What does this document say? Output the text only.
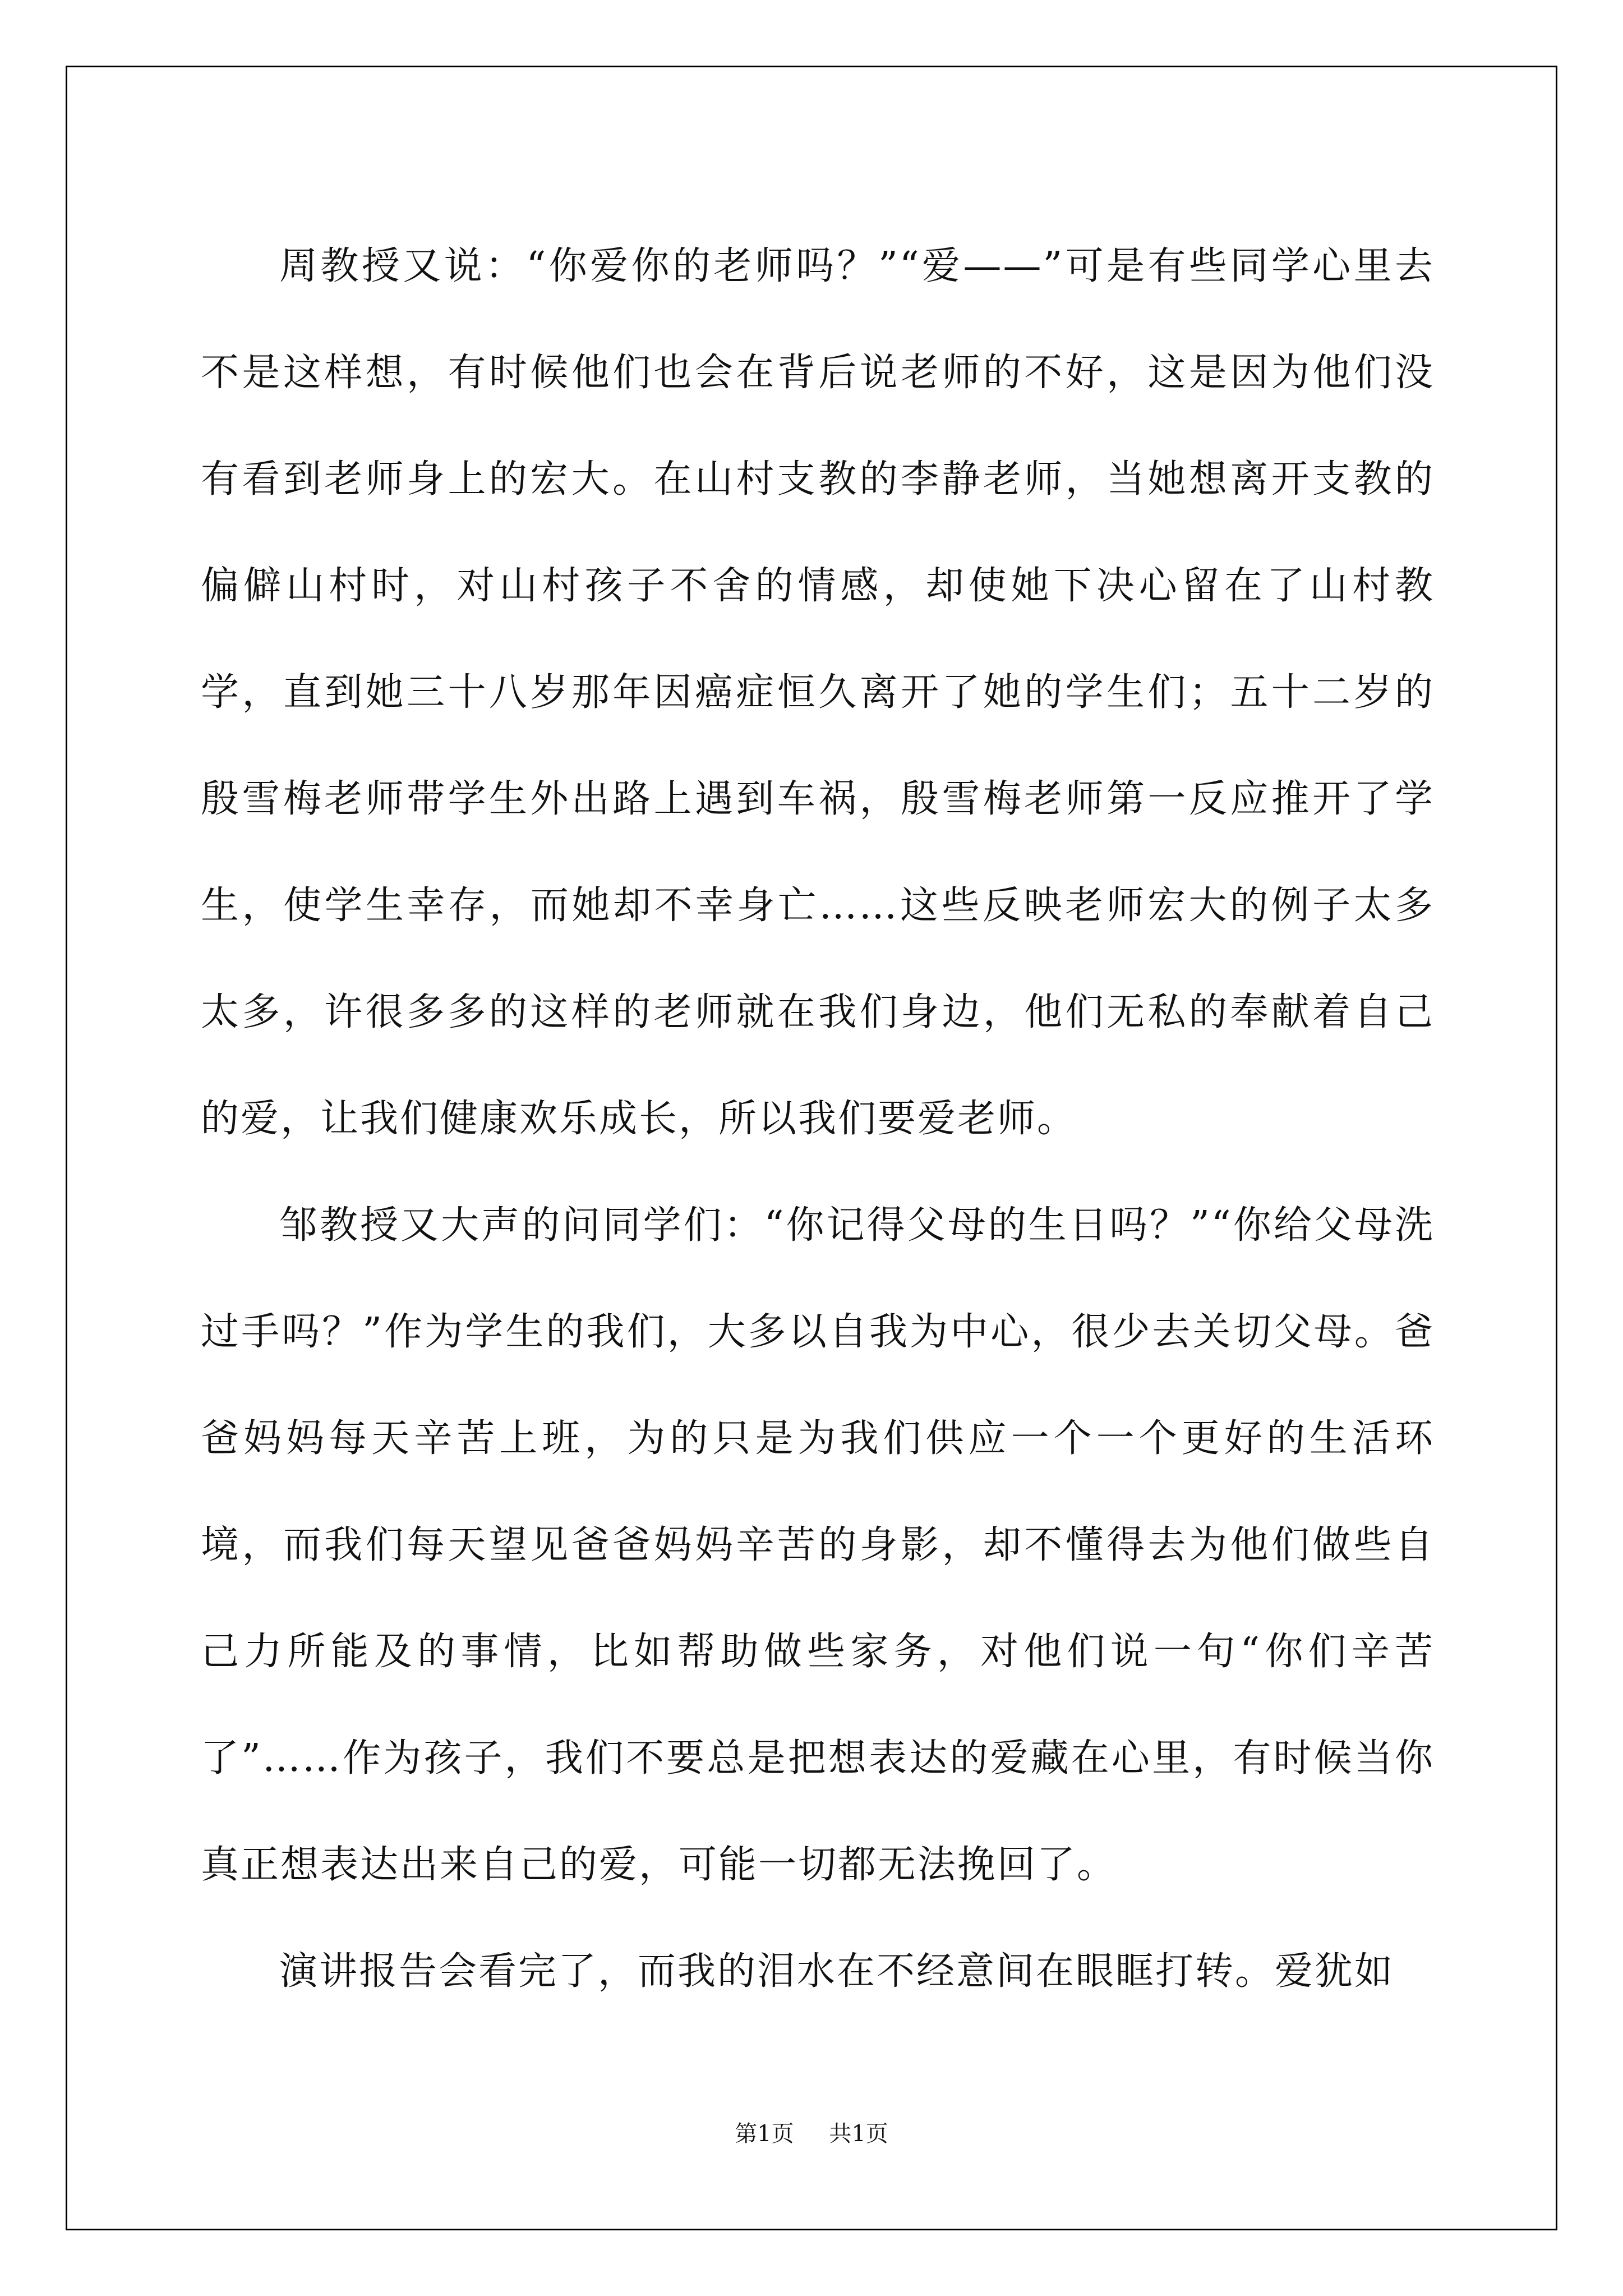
周教授又说：“你爱你的老师吗？”“爱——”可是有些同学心里去不是这样想，有时候他们也会在背后说老师的不好，这是因为他们没有看到老师身上的宏大。在山村支教的李静老师，当她想离开支教的偏僻山村时，对山村孩子不舍的情感，却使她下决心留在了山村教学，直到她三十八岁那年因癌症恒久离开了她的学生们；五十二岁的殷雪梅老师带学生外出路上遇到车祸，殷雪梅老师第一反应推开了学生，使学生幸存，而她却不幸身亡……这些反映老师宏大的例子太多太多，许很多多的这样的老师就在我们身边，他们无私的奉献着自己的爱，让我们健康欢乐成长，所以我们要爱老师。

邹教授又大声的问同学们：“你记得父母的生日吗？”“你给父母洗过手吗？”作为学生的我们，大多以自我为中心，很少去关切父母。爸爸妈妈每天辛苦上班，为的只是为我们供应一个一个更好的生活环境，而我们每天望见爸爸妈妈辛苦的身影，却不懂得去为他们做些自己力所能及的事情，比如帮助做些家务，对他们说一句“你们辛苦了”……作为孩子，我们不要总是把想表达的爱藏在心里，有时候当你真正想表达出来自己的爱，可能一切都无法挽回了。

演讲报告会看完了，而我的泪水在不经意间在眼眶打转。爱犹如

第1页 共1页
